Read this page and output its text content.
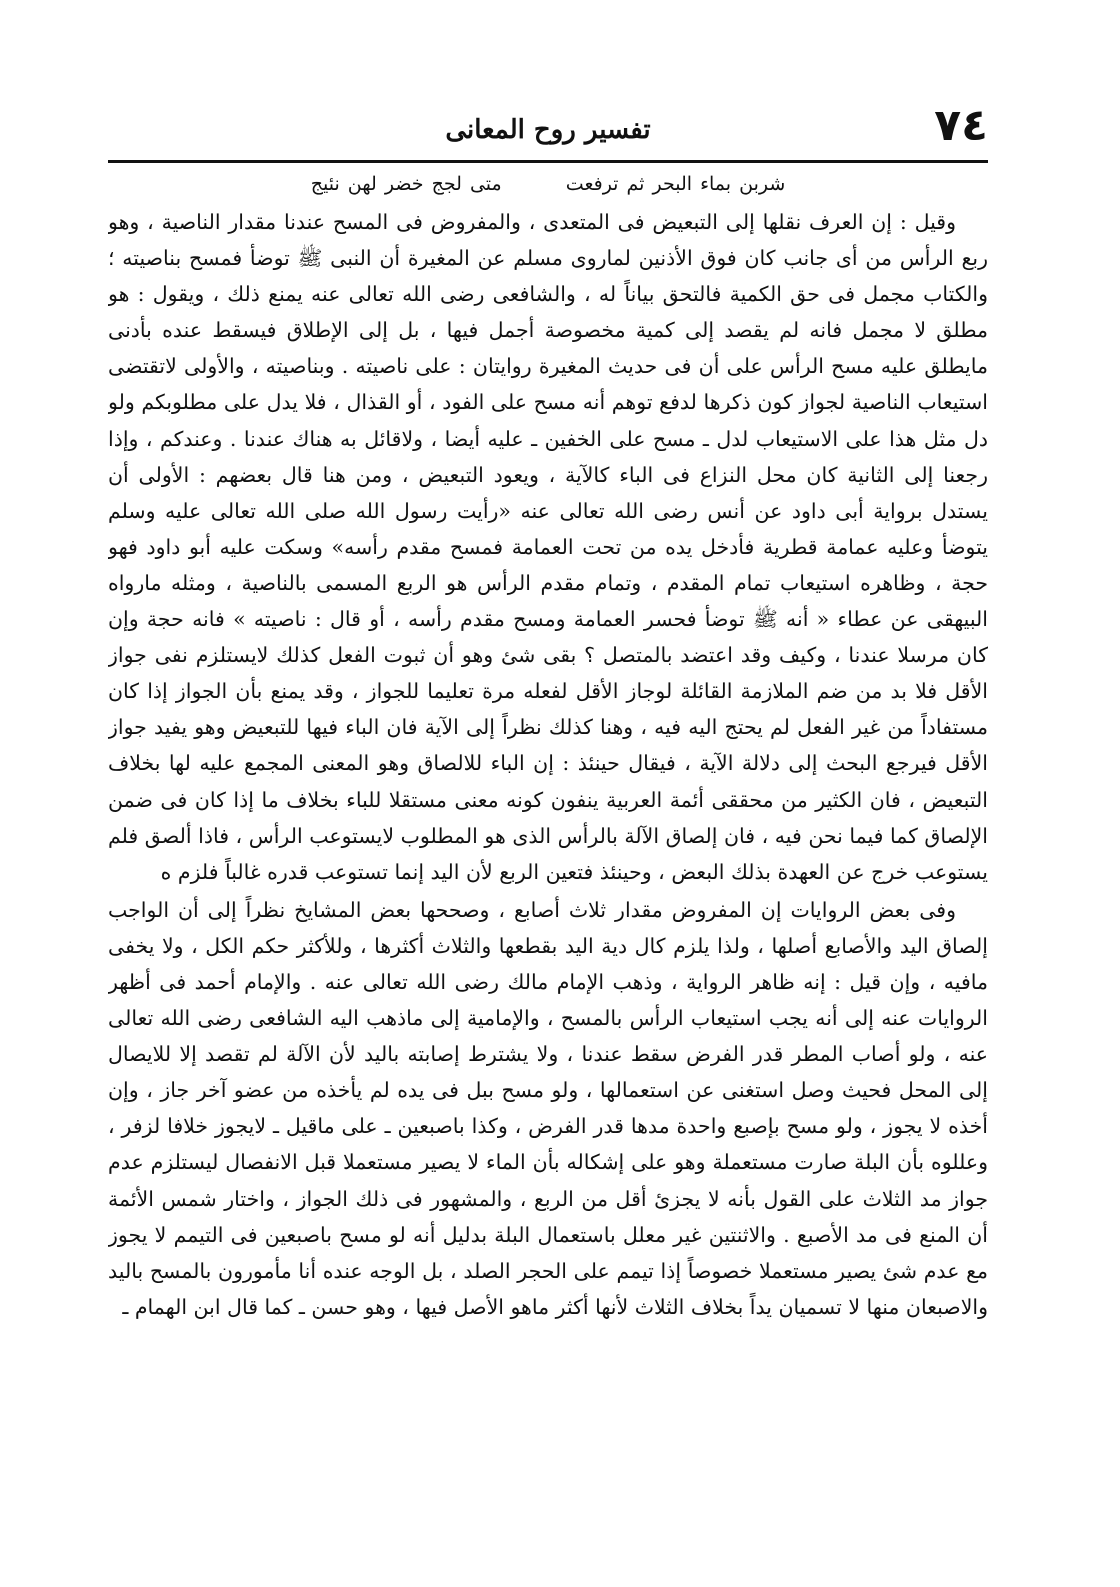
٧٤
تفسير روح المعانى
شربن بماء البحر ثم ترفعت  متى لجج خضر لهن نئيج

وقيل : إن العرف نقلها إلى التبعيض فى المتعدى ، والمفروض فى المسح عندنا مقدار الناصية ، وهو ربع الرأس من أى جانب كان فوق الأذنين لماروى مسلم عن المغيرة أن النبى ﷺ توضأ فمسح بناصيته ؛ والكتاب مجمل فى حق الكمية فالتحق بياناً له ، والشافعى رضى الله تعالى عنه يمنع ذلك ، ويقول : هو مطلق لا مجمل فانه لم يقصد إلى كمية مخصوصة أجمل فيها ، بل إلى الإطلاق فيسقط عنده بأدنى مايطلق عليه مسح الرأس على أن فى حديث المغيرة روايتان : على ناصيته . وبناصيته ، والأولى لاتقتضى استيعاب الناصية لجواز كون ذكرها لدفع توهم أنه مسح على الفود ، أو القذال ، فلا يدل على مطلوبكم ولو دل مثل هذا على الاستيعاب لدل ـ مسح على الخفين ـ عليه أيضا ، ولاقائل به هناك عندنا . وعندكم ، وإذا رجعنا إلى الثانية كان محل النزاع فى الباء كالآية ، ويعود التبعيض ، ومن هنا قال بعضهم : الأولى أن يستدل برواية أبى داود عن أنس رضى الله تعالى عنه «رأيت رسول الله صلى الله تعالى عليه وسلم يتوضأ وعليه عمامة قطرية فأدخل يده من تحت العمامة فمسح مقدم رأسه» وسكت عليه أبو داود فهو حجة ، وظاهره استيعاب تمام المقدم ، وتمام مقدم الرأس هو الربع المسمى بالناصية ، ومثله مارواه البيهقى عن عطاء « أنه ﷺ توضأ فحسر العمامة ومسح مقدم رأسه ، أو قال : ناصيته » فانه حجة وإن كان مرسلا عندنا ، وكيف وقد اعتضد بالمتصل ؟ بقى شئ وهو أن ثبوت الفعل كذلك لايستلزم نفى جواز الأقل فلا بد من ضم الملازمة القائلة لوجاز الأقل لفعله مرة تعليما للجواز ، وقد يمنع بأن الجواز إذا كان مستفاداً من غير الفعل لم يحتج اليه فيه ، وهنا كذلك نظراً إلى الآية فان الباء فيها للتبعيض وهو يفيد جواز الأقل فيرجع البحث إلى دلالة الآية ، فيقال حينئذ : إن الباء للالصاق وهو المعنى المجمع عليه لها بخلاف التبعيض ، فان الكثير من محققى أئمة العربية ينفون كونه معنى مستقلا للباء بخلاف ما إذا كان فى ضمن الإلصاق كما فيما نحن فيه ، فان إلصاق الآلة بالرأس الذى هو المطلوب لايستوعب الرأس ، فاذا ألصق فلم يستوعب خرج عن العهدة بذلك البعض ، وحينئذ فتعين الربع لأن اليد إنما تستوعب قدره غالباً فلزم ه

وفى بعض الروايات إن المفروض مقدار ثلاث أصابع ، وصححها بعض المشايخ نظراً إلى أن الواجب إلصاق اليد والأصابع أصلها ، ولذا يلزم كال دية اليد بقطعها والثلاث أكثرها ، وللأكثر حكم الكل ، ولا يخفى مافيه ، وإن قيل : إنه ظاهر الرواية ، وذهب الإمام مالك رضى الله تعالى عنه . والإمام أحمد فى أظهر الروايات عنه إلى أنه يجب استيعاب الرأس بالمسح ، والإمامية إلى ماذهب اليه الشافعى رضى الله تعالى عنه ، ولو أصاب المطر قدر الفرض سقط عندنا ، ولا يشترط إصابته باليد لأن الآلة لم تقصد إلا للايصال إلى المحل فحيث وصل استغنى عن استعمالها ، ولو مسح ببل فى يده لم يأخذه من عضو آخر جاز ، وإن أخذه لا يجوز ، ولو مسح بإصبع واحدة مدها قدر الفرض ، وكذا باصبعين ـ على ماقيل ـ لايجوز خلافا لزفر ، وعللوه بأن البلة صارت مستعملة وهو على إشكاله بأن الماء لا يصير مستعملا قبل الانفصال ليستلزم عدم جواز مد الثلاث على القول بأنه لا يجزئ أقل من الربع ، والمشهور فى ذلك الجواز ، واختار شمس الأئمة أن المنع فى مد الأصبع . والاثنتين غير معلل باستعمال البلة بدليل أنه لو مسح باصبعين فى التيمم لا يجوز مع عدم شئ يصير مستعملا خصوصاً إذا تيمم على الحجر الصلد ، بل الوجه عنده أنا مأمورون بالمسح باليد والاصبعان منها لا تسميان يداً بخلاف الثلاث لأنها أكثر ماهو الأصل فيها ، وهو حسن ـ كما قال ابن الهمام ـ
